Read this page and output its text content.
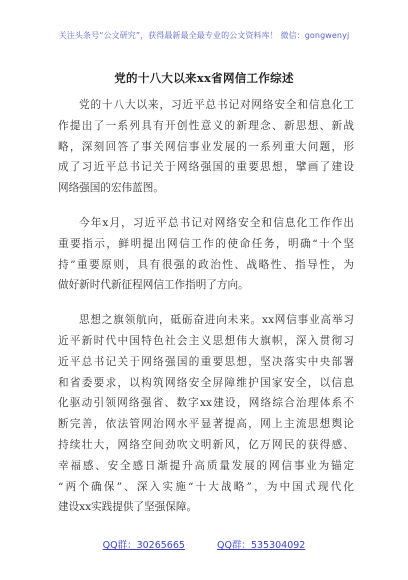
关注头条号“公文研究”，获得最新最全最专业的公文资料库！ 微信：gongwenyj
党的十八大以来xx省网信工作综述
党的十八大以来，习近平总书记对网络安全和信息化工
作提出了一系列具有开创性意义的新理念、新思想、新战
略，深刻回答了事关网信事业发展的一系列重大问题，形
成了习近平总书记关于网络强国的重要思想，擘画了建设
网络强国的宏伟蓝图。
今年x月，习近平总书记对网络安全和信息化工作作出
重要指示，鲜明提出网信工作的使命任务，明确“十个坚
持”重要原则，具有很强的政治性、战略性、指导性，为
做好新时代新征程网信工作指明了方向。
思想之旗领航向，砥砺奋进向未来。xx网信事业高举习
近平新时代中国特色社会主义思想伟大旗帜，深入贯彻习
近平总书记关于网络强国的重要思想，坚决落实中央部署
和省委要求，以构筑网络安全屏障维护国家安全，以信息
化驱动引领网络强省、数字xx建设，网络综合治理体系不
断完善，依法管网治网水平显著提高，网上主流思想舆论
持续壮大，网络空间劲吹文明新风，亿万网民的获得感、
幸福感、安全感日渐提升高质量发展的网信事业为锚定
“两个确保”、深入实施“十大战略”，为中国式现代化
建设xx实践提供了坚强保障。
QQ群：30265665	QQ群：535304092
